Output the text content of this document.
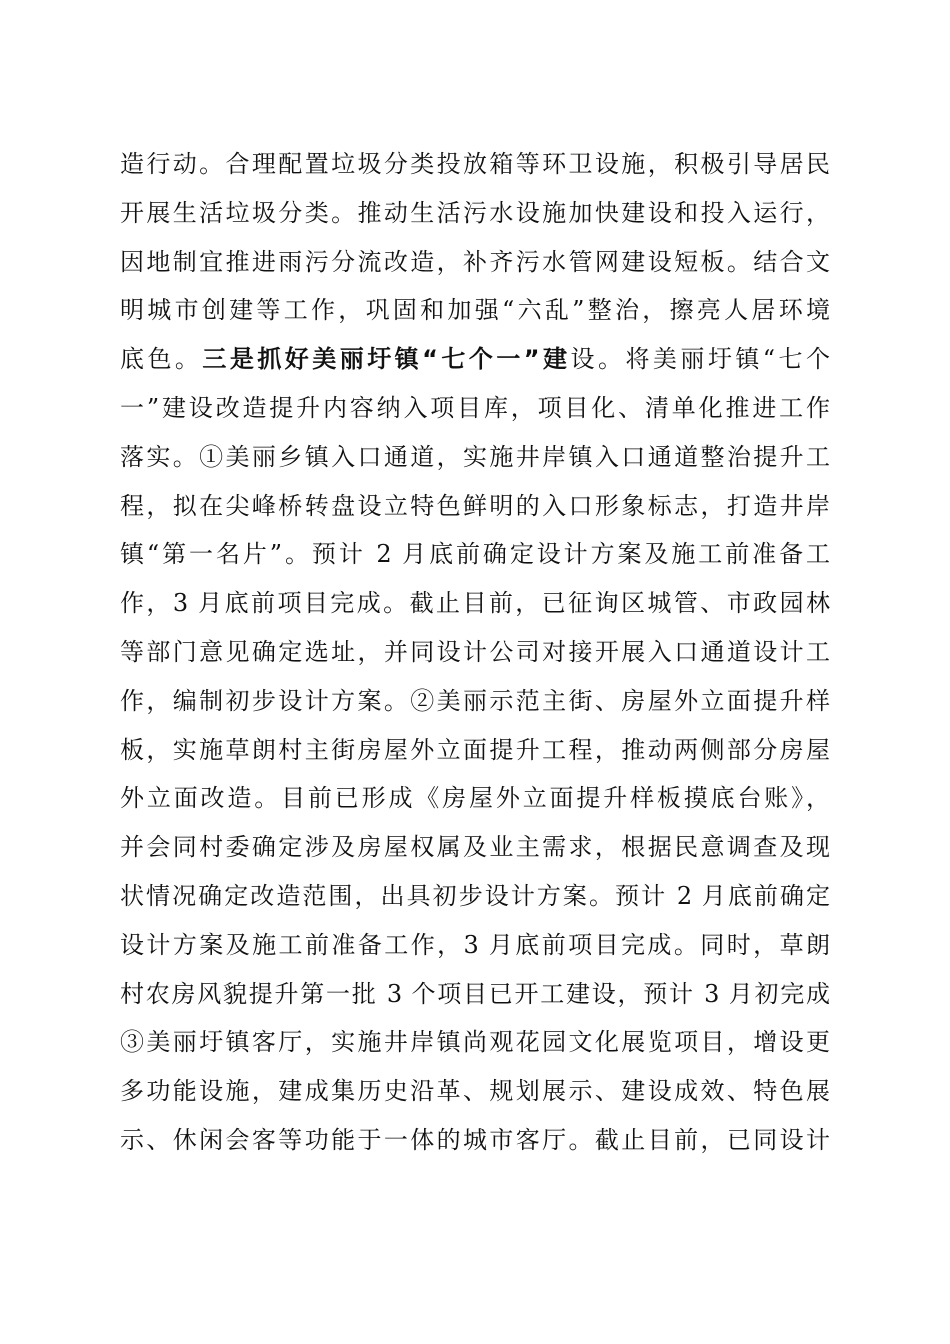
造行动。合理配置垃圾分类投放箱等环卫设施，积极引导居民
开展生活垃圾分类。推动生活污水设施加快建设和投入运行，
因地制宜推进雨污分流改造，补齐污水管网建设短板。结合文
明城市创建等工作，巩固和加强“六乱”整治，擦亮人居环境
底色。三是抓好美丽圩镇“七个一”建设。将美丽圩镇“七个
一”建设改造提升内容纳入项目库，项目化、清单化推进工作
落实。①美丽乡镇入口通道，实施井岸镇入口通道整治提升工
程，拟在尖峰桥转盘设立特色鲜明的入口形象标志，打造井岸
镇“第一名片”。预计 2 月底前确定设计方案及施工前准备工
作，3 月底前项目完成。截止目前，已征询区城管、市政园林
等部门意见确定选址，并同设计公司对接开展入口通道设计工
作，编制初步设计方案。②美丽示范主街、房屋外立面提升样
板，实施草朗村主街房屋外立面提升工程，推动两侧部分房屋
外立面改造。目前已形成《房屋外立面提升样板摸底台账》，
并会同村委确定涉及房屋权属及业主需求，根据民意调查及现
状情况确定改造范围，出具初步设计方案。预计 2 月底前确定
设计方案及施工前准备工作，3 月底前项目完成。同时，草朗
村农房风貌提升第一批 3 个项目已开工建设，预计 3 月初完成
③美丽圩镇客厅，实施井岸镇尚观花园文化展览项目，增设更
多功能设施，建成集历史沿革、规划展示、建设成效、特色展
示、休闲会客等功能于一体的城市客厅。截止目前，已同设计
